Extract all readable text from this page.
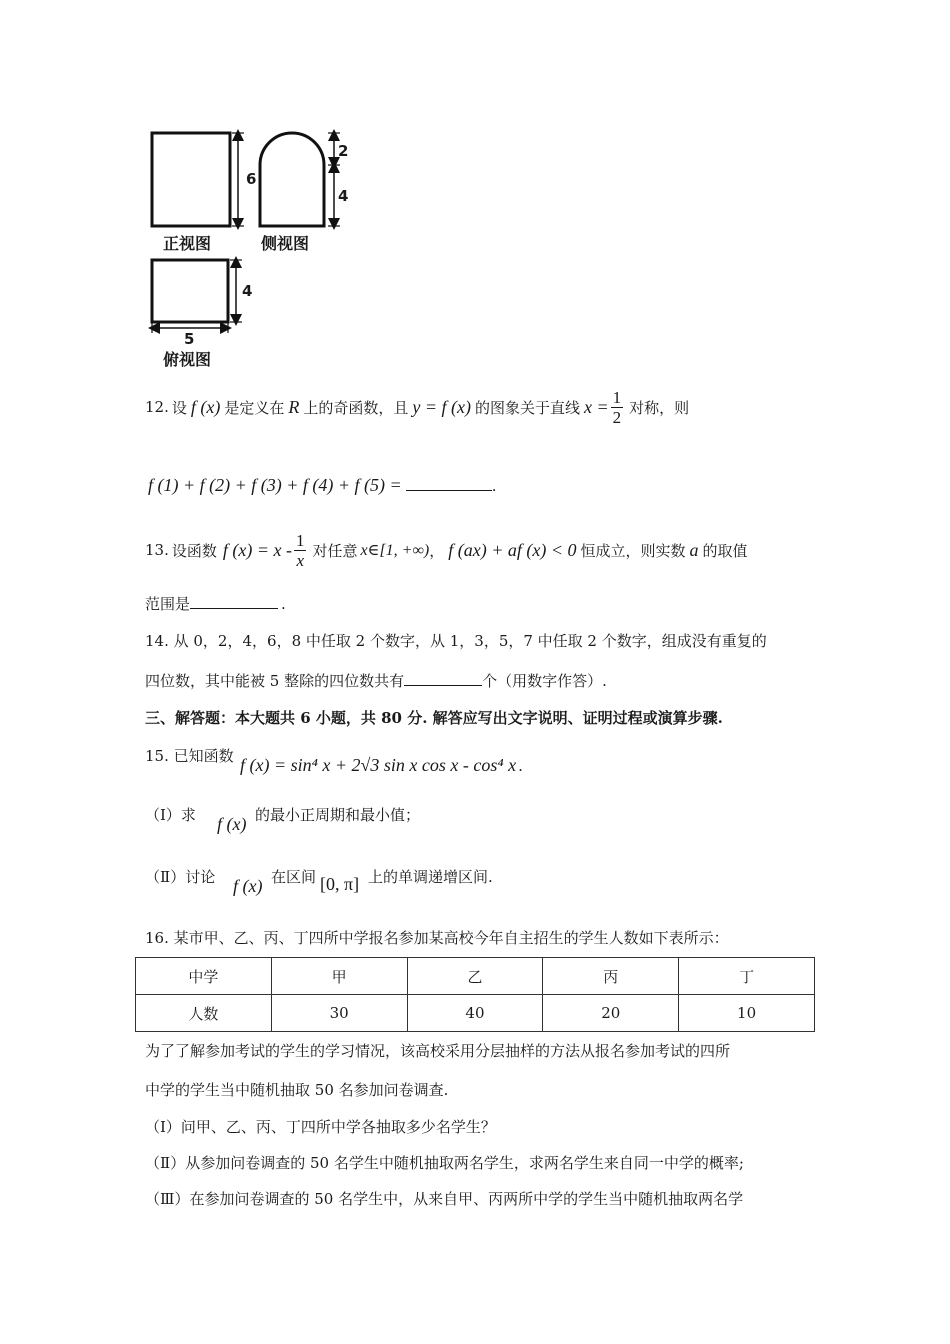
6
2
4
4
5
正视图	侧视图
俯视图
12. 设 f (x) 是定义在 R 上的奇函数，且 y = f (x) 的图象关于直线 $x = \frac{1}{2}$ 对称，则
f (1) + f (2) + f (3) + f (4) + f (5) =	.
13. 设函数 f $(x) = x - \frac{1}{x}$ 对任意 x∈[1, +∞) ， f (ax) + af (x) < 0 恒成立，则实数 a 的取值
范围是	.
14. 从 0，2，4，6，8 中任取 2 个数字，从 1，3，5，7 中任取 2 个数字，组成没有重复的
四位数，其中能被 5 整除的四位数共有	个（用数字作答）.
三、解答题：本大题共 6 小题，共 80 分. 解答应写出文字说明、证明过程或演算步骤.
15. 已知函数 f (x) = sin⁴ x + 2√3 sin x cos x - cos⁴ x .
（Ⅰ）求 f (x) 的最小正周期和最小值；
（Ⅱ）讨论 f (x) 在区间 [0, π] 上的单调递增区间.
16. 某市甲、乙、丙、丁四所中学报名参加某高校今年自主招生的学生人数如下表所示：
中学	甲	乙	丙	丁
人数	30	40	20	10
为了了解参加考试的学生的学习情况，该高校采用分层抽样的方法从报名参加考试的四所
中学的学生当中随机抽取 50 名参加问卷调查.
（Ⅰ）问甲、乙、丙、丁四所中学各抽取多少名学生？
（Ⅱ）从参加问卷调查的 50 名学生中随机抽取两名学生，求两名学生来自同一中学的概率;
（Ⅲ）在参加问卷调查的 50 名学生中，从来自甲、丙两所中学的学生当中随机抽取两名学
